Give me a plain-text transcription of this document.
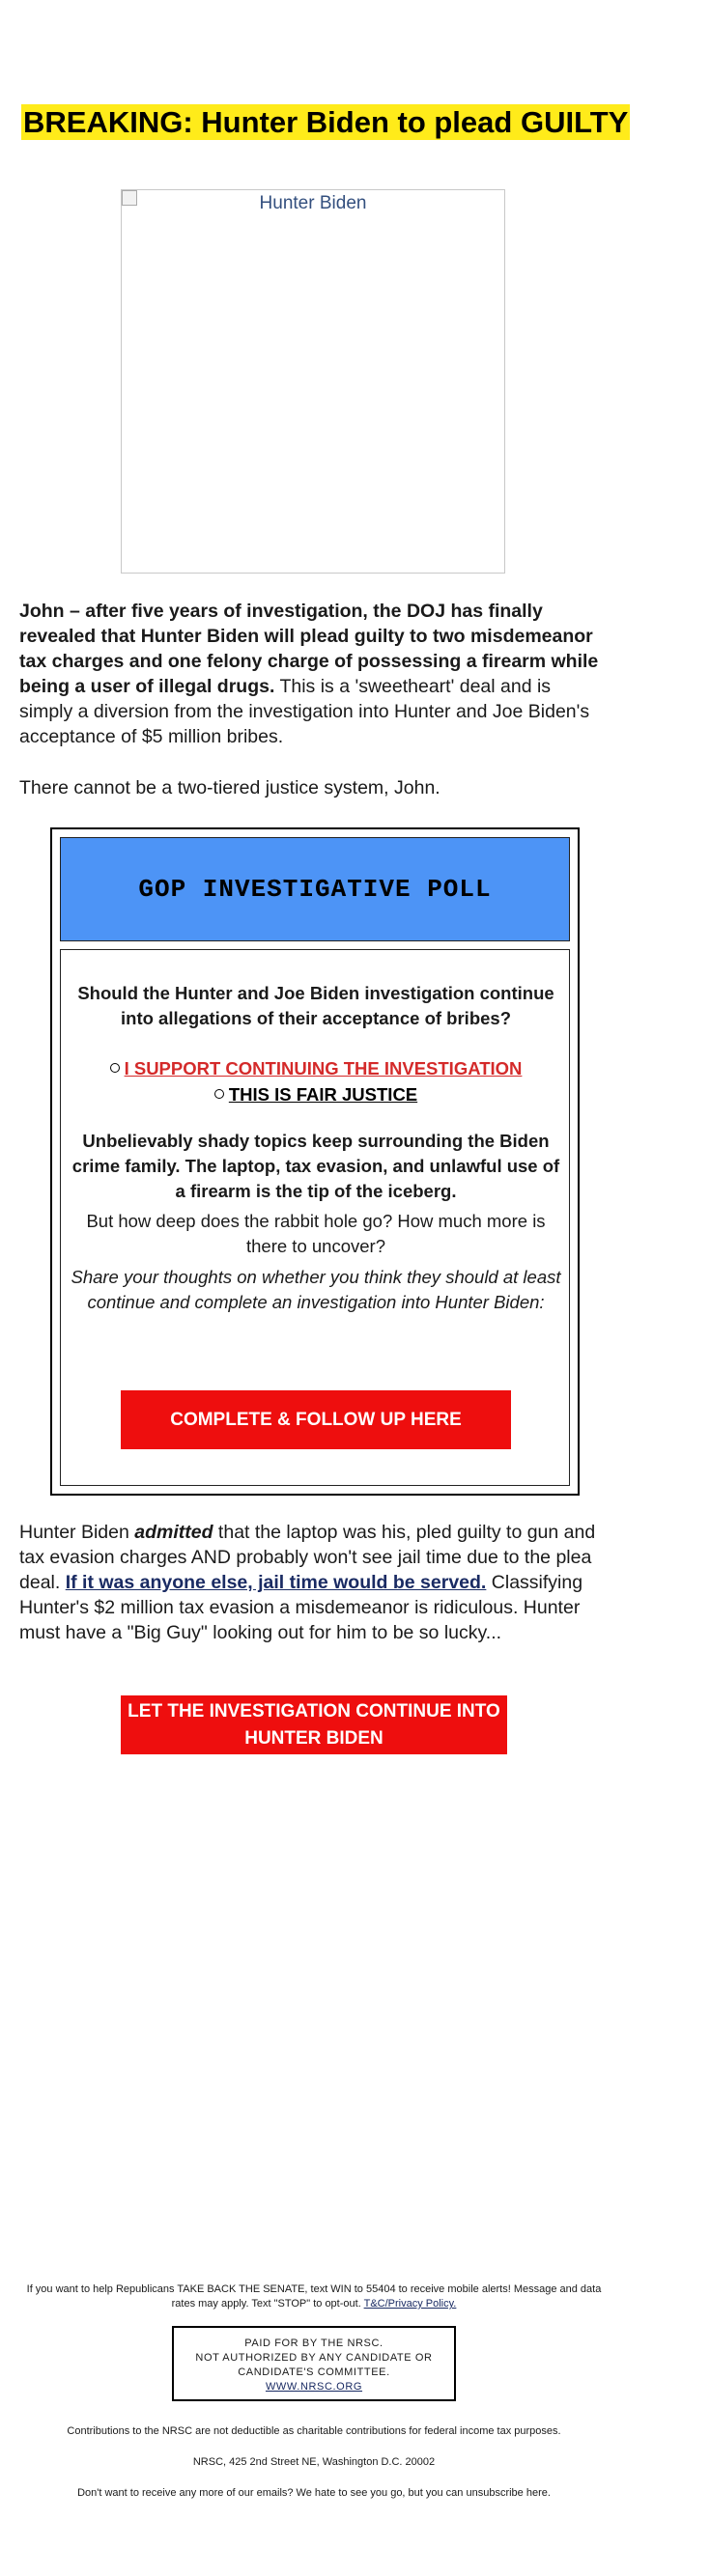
BREAKING: Hunter Biden to plead GUILTY
Hunter Biden

John – after five years of investigation, the DOJ has finally revealed that Hunter Biden will plead guilty to two misdemeanor tax charges and one felony charge of possessing a firearm while being a user of illegal drugs. This is a 'sweetheart' deal and is simply a diversion from the investigation into Hunter and Joe Biden's acceptance of $5 million bribes.

There cannot be a two-tiered justice system, John.

GOP INVESTIGATIVE POLL

Should the Hunter and Joe Biden investigation continue into allegations of their acceptance of bribes?

I SUPPORT CONTINUING THE INVESTIGATION
THIS IS FAIR JUSTICE

Unbelievably shady topics keep surrounding the Biden crime family. The laptop, tax evasion, and unlawful use of a firearm is the tip of the iceberg.

But how deep does the rabbit hole go? How much more is there to uncover?

Share your thoughts on whether you think they should at least continue and complete an investigation into Hunter Biden:

COMPLETE & FOLLOW UP HERE

Hunter Biden admitted that the laptop was his, pled guilty to gun and tax evasion charges AND probably won't see jail time due to the plea deal. If it was anyone else, jail time would be served. Classifying Hunter's $2 million tax evasion a misdemeanor is ridiculous. Hunter must have a "Big Guy" looking out for him to be so lucky...

LET THE INVESTIGATION CONTINUE INTO
HUNTER BIDEN

If you want to help Republicans TAKE BACK THE SENATE, text WIN to 55404 to receive mobile alerts! Message and data rates may apply. Text "STOP" to opt-out. T&C/Privacy Policy.

PAID FOR BY THE NRSC.
NOT AUTHORIZED BY ANY CANDIDATE OR CANDIDATE'S COMMITTEE.
WWW.NRSC.ORG

Contributions to the NRSC are not deductible as charitable contributions for federal income tax purposes.

NRSC, 425 2nd Street NE, Washington D.C. 20002

Don't want to receive any more of our emails? We hate to see you go, but you can unsubscribe here.
